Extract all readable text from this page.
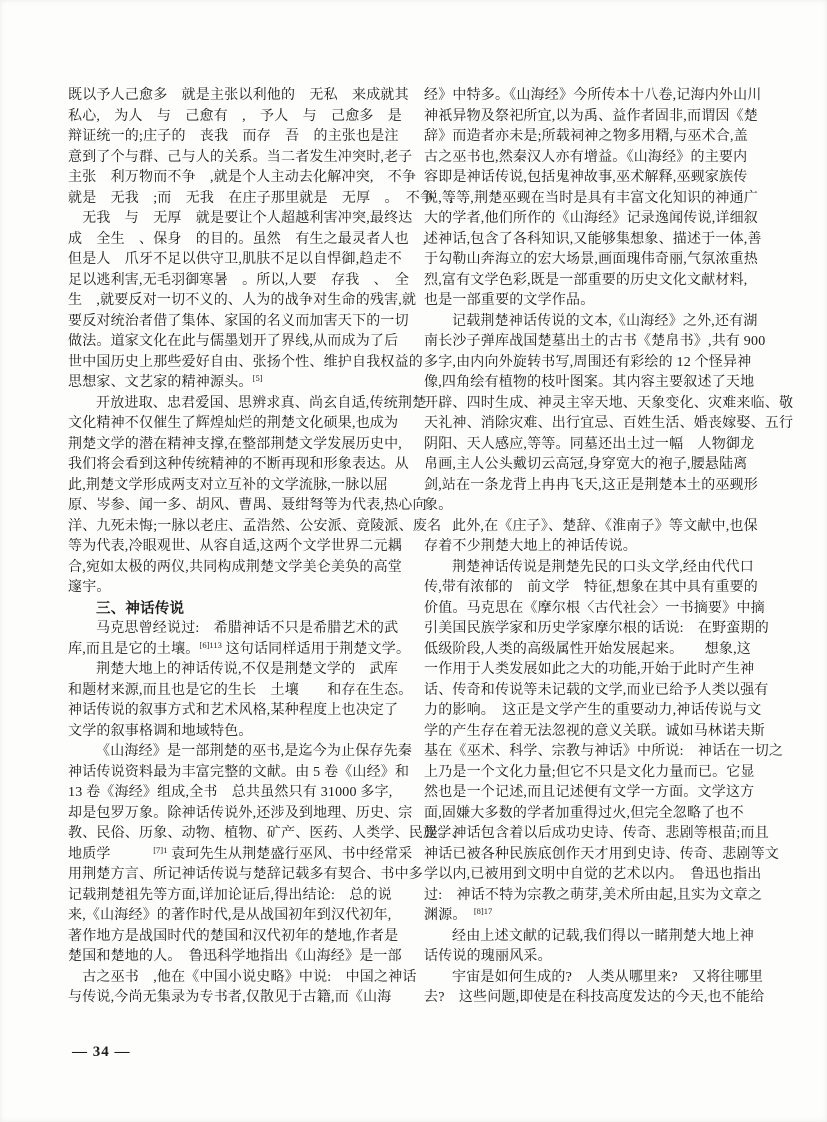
既以予人己愈多　就是主张以利他的　无私　来成就其
私心,　为人　与　己愈有　,　予人　与　己愈多　是
辩证统一的;庄子的　丧我　而存　吾　的主张也是注
意到了个与群、己与人的关系。当二者发生冲突时,老子
主张　利万物而不争　,就是个人主动去化解冲突,　不争
就是　无我　;而　无我　在庄子那里就是　无厚　。　不争　、
　无我　与　无厚　就是要让个人超越利害冲突,最终达
成　全生　、保身　的目的。虽然　有生之最灵者人也　,
但是人　爪牙不足以供守卫,肌肤不足以自悍御,趋走不
足以逃利害,无毛羽御寒暑　。所以,人要　存我　、　全
生　,就要反对一切不义的、人为的战争对生命的残害,就
要反对统治者借了集体、家国的名义而加害天下的一切
做法。道家文化在此与儒墨划开了界线,从而成为了后
世中国历史上那些爱好自由、张扬个性、维护自我权益的
思想家、文艺家的精神源头。[5]
开放进取、忠君爱国、思辨求真、尚玄自适,传统荆楚
文化精神不仅催生了辉煌灿烂的荆楚文化硕果,也成为
荆楚文学的潜在精神支撑,在整部荆楚文学发展历史中,
我们将会看到这种传统精神的不断再现和形象表达。从
此,荆楚文学形成两支对立互补的文学流脉,一脉以屈
原、岑参、闻一多、胡风、曹禺、聂绀弩等为代表,热心向
洋、九死未悔;一脉以老庄、孟浩然、公安派、竟陵派、废名
等为代表,冷眼观世、从容自适,这两个文学世界二元耦
合,宛如太极的两仪,共同构成荆楚文学美仑美奂的高堂
邃宇。
三、神话传说
马克思曾经说过:　希腊神话不只是希腊艺术的武
库,而且是它的土壤。$^{[6]113}$ 这句话同样适用于荆楚文学。
荆楚大地上的神话传说,不仅是荆楚文学的　武库
和题材来源,而且也是它的生长　土壤　　和存在生态。
神话传说的叙事方式和艺术风格,某种程度上也决定了
文学的叙事格调和地域特色。
《山海经》是一部荆楚的巫书,是迄今为止保存先秦
神话传说资料最为丰富完整的文献。由 5 卷《山经》和
13 卷《海经》组成,全书　总共虽然只有 31000 多字,
却是包罗万象。除神话传说外,还涉及到地理、历史、宗
教、民俗、历象、动物、植物、矿产、医药、人类学、民族学、
地质学　　　$^{[7]1}$ 袁珂先生从荆楚盛行巫风、书中经常采
用荆楚方言、所记神话传说与楚辞记载多有契合、书中多
记载荆楚祖先等方面,详加论证后,得出结论:　总的说
来,《山海经》的著作时代,是从战国初年到汉代初年,
著作地方是战国时代的楚国和汉代初年的楚地,作者是
楚国和楚地的人。　鲁迅科学地指出《山海经》是一部
　古之巫书　,他在《中国小说史略》中说:　中国之神话
与传说,今尚无集录为专书者,仅散见于古籍,而《山海
经》中特多。《山海经》今所传本十八卷,记海内外山川
神祇异物及祭祀所宜,以为禹、益作者固非,而谓因《楚
辞》而造者亦未是;所载祠神之物多用糈,与巫术合,盖
古之巫书也,然秦汉人亦有增益。《山海经》的主要内
容即是神话传说,包括鬼神故事,巫术解释,巫觋家族传
说,等等,荆楚巫觋在当时是具有丰富文化知识的神通广
大的学者,他们所作的《山海经》记录逸闻传说,详细叙
述神话,包含了各科知识,又能够集想象、描述于一体,善
于勾勒山奔海立的宏大场景,画面瑰伟奇丽,气氛浓重热
烈,富有文学色彩,既是一部重要的历史文化文献材料,
也是一部重要的文学作品。
记载荆楚神话传说的文本,《山海经》之外,还有湖
南长沙子弹库战国楚墓出土的古书《楚帛书》,共有 900
多字,由内向外旋转书写,周围还有彩绘的 12 个怪异神
像,四角绘有植物的枝叶图案。其内容主要叙述了天地
开辟、四时生成、神灵主宰天地、天象变化、灾难来临、敬
天礼神、消除灾难、出行宜忌、百姓生活、婚丧嫁娶、五行
阴阳、天人感应,等等。同墓还出土过一幅　人物御龙
帛画,主人公头戴切云高冠,身穿宽大的袍子,腰悬陆离
剑,站在一条龙背上冉冉飞天,这正是荆楚本土的巫觋形
象。
此外,在《庄子》、楚辞、《淮南子》等文献中,也保
存着不少荆楚大地上的神话传说。
荆楚神话传说是荆楚先民的口头文学,经由代代口
传,带有浓郁的　前文学　特征,想象在其中具有重要的
价值。马克思在《摩尔根〈古代社会〉一书摘要》中摘
引美国民族学家和历史学家摩尔根的话说:　在野蛮期的
低级阶段,人类的高级属性开始发展起来。　　想象,这
一作用于人类发展如此之大的功能,开始于此时产生神
话、传奇和传说等未记载的文学,而业已给予人类以强有
力的影响。　这正是文学产生的重要动力,神话传说与文
学的产生存在着无法忽视的意义关联。诚如马林诺夫斯
基在《巫术、科学、宗教与神话》中所说:　神话在一切之
上乃是一个文化力量;但它不只是文化力量而已。它显
然也是一个记述,而且记述便有文学一方面。文学这方
面,固嫌大多数的学者加重得过火,但完全忽略了也不
是。神话包含着以后成功史诗、传奇、悲剧等根苗;而且
神话已被各种民族底创作天才用到史诗、传奇、悲剧等文
学以内,已被用到文明中自觉的艺术以内。　鲁迅也指出
过:　神话不特为宗教之萌芽,美术所由起,且实为文章之
渊源。　$^{[8]17}$
经由上述文献的记载,我们得以一睹荆楚大地上神
话传说的瑰丽风采。
宇宙是如何生成的?　人类从哪里来?　又将往哪里
去?　这些问题,即使是在科技高度发达的今天,也不能给
— 34 —
